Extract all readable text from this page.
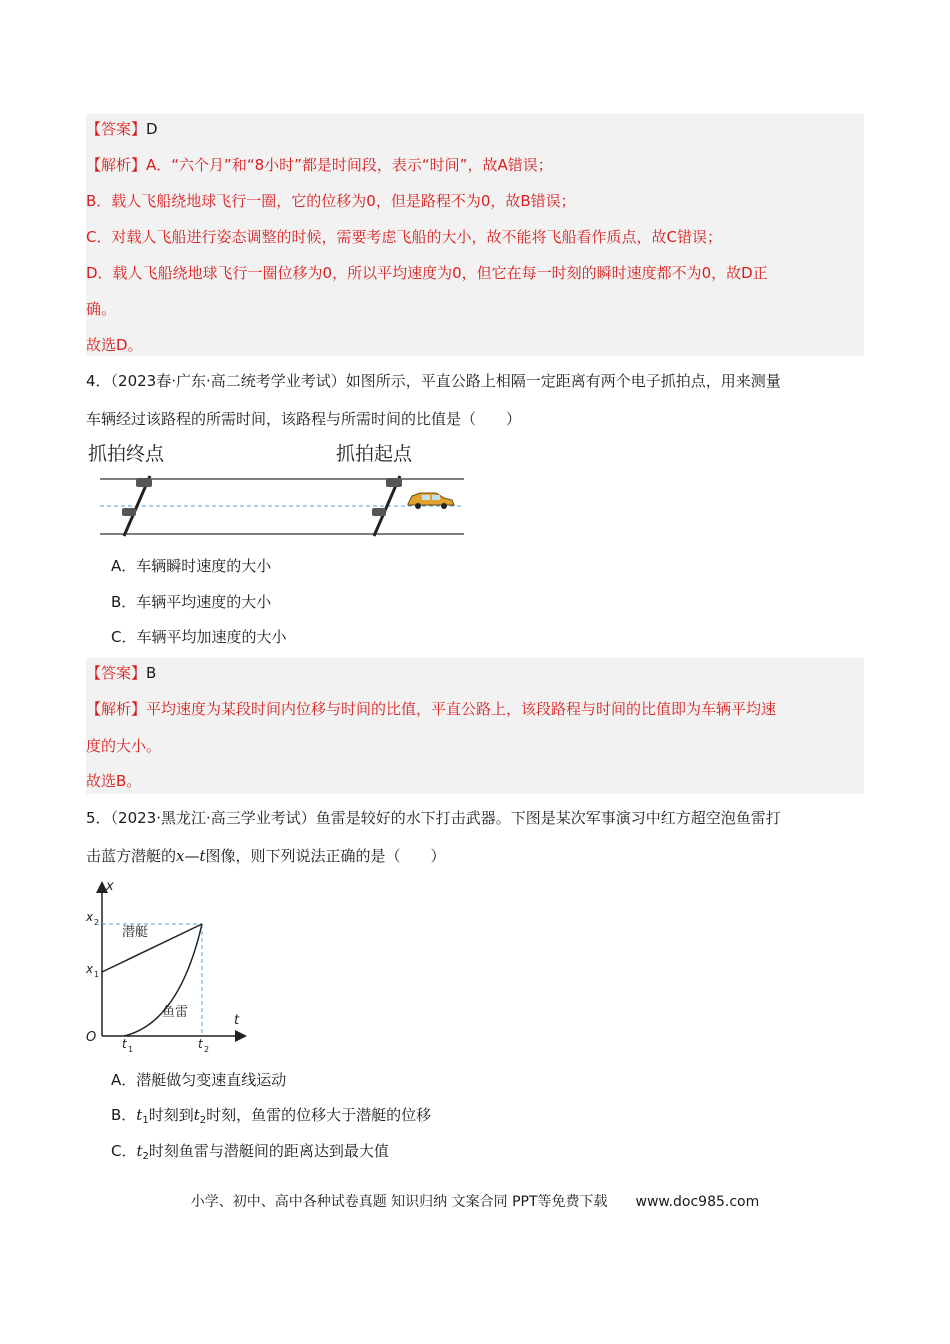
【答案】D
【解析】A．“六个月”和“8小时”都是时间段，表示“时间”，故A错误；
B．载人飞船绕地球飞行一圈，它的位移为0，但是路程不为0，故B错误；
C．对载人飞船进行姿态调整的时候，需要考虑飞船的大小，故不能将飞船看作质点，故C错误；
D．载人飞船绕地球飞行一圈位移为0，所以平均速度为0，但它在每一时刻的瞬时速度都不为0，故D正
确。
故选D。
4．（2023春·广东·高二统考学业考试）如图所示，平直公路上相隔一定距离有两个电子抓拍点，用来测量
车辆经过该路程的所需时间，该路程与所需时间的比值是（　　）
抓拍终点	抓拍起点
A．车辆瞬时速度的大小
B．车辆平均速度的大小
C．车辆平均加速度的大小
【答案】B
【解析】平均速度为某段时间内位移与时间的比值，平直公路上，该段路程与时间的比值即为车辆平均速
度的大小。
故选B。
5．（2023·黑龙江·高三学业考试）鱼雷是较好的水下打击武器。下图是某次军事演习中红方超空泡鱼雷打
击蓝方潜艇的x—t图像，则下列说法正确的是（　　）
x
t
O
x 2
x 1
t 1	t 2
潜艇
鱼雷
A．潜艇做匀变速直线运动
B．$t_1$时刻到$t_2$时刻，鱼雷的位移大于潜艇的位移
C．$t_2$时刻鱼雷与潜艇间的距离达到最大值
小学、初中、高中各种试卷真题 知识归纳 文案合同 PPT等免费下载　　www.doc985.com
